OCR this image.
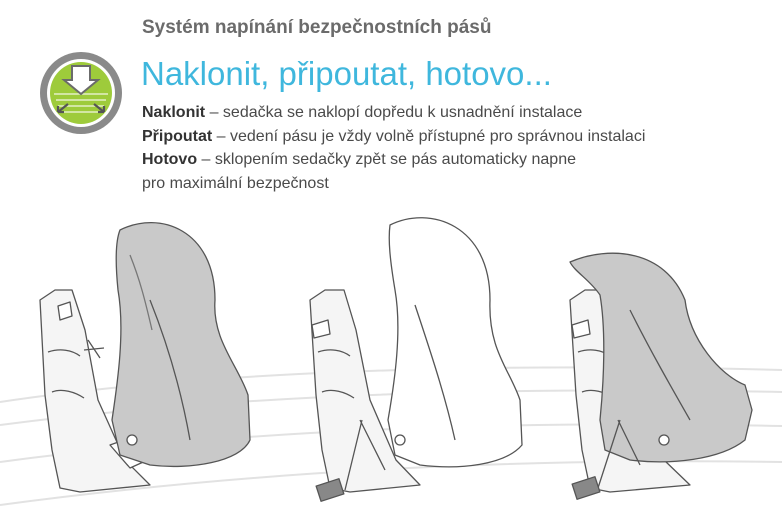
Systém napínání bezpečnostních pásů
Naklonit, připoutat, hotovo...
Naklonit – sedačka se naklopí dopředu k usnadnění instalace
Připoutat – vedení pásu je vždy volně přístupné pro správnou instalaci
Hotovo – sklopením sedačky zpět se pás automaticky napne
pro maximální bezpečnost
